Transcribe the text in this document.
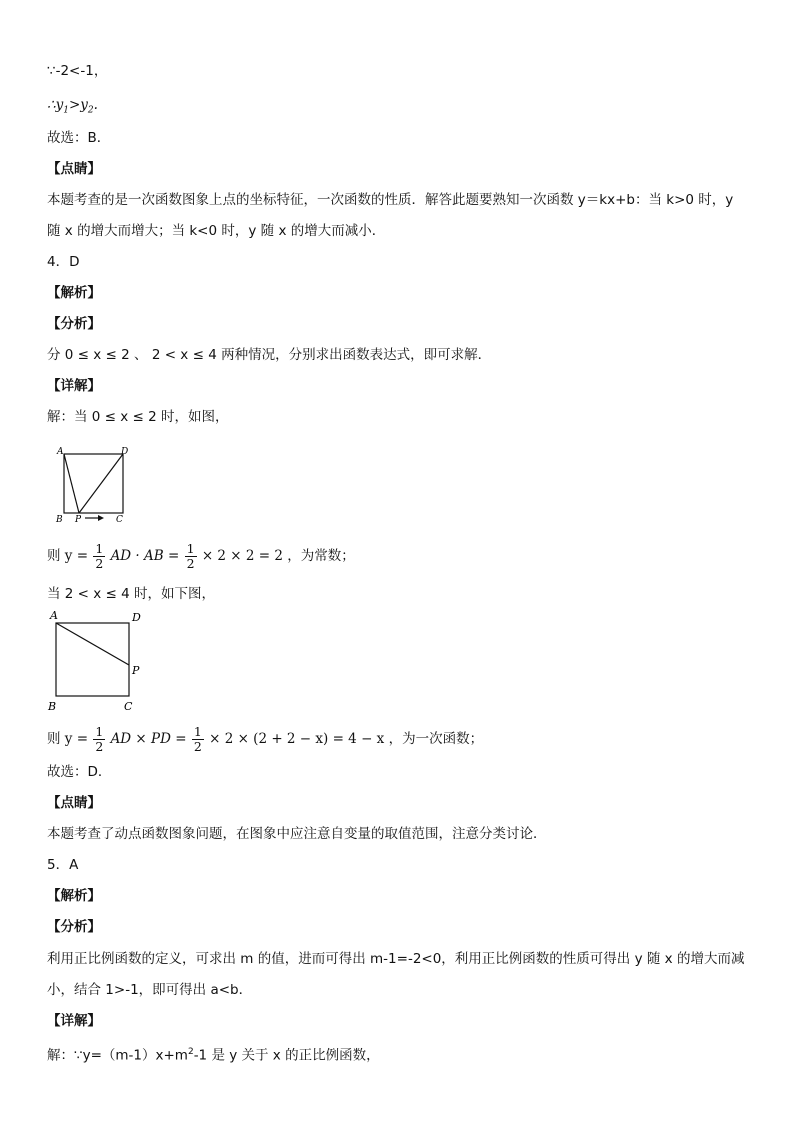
∵-2<-1，
$\therefore y_1>y_2$.
故选：B．
【点睛】
本题考查的是一次函数图象上点的坐标特征，一次函数的性质．解答此题要熟知一次函数 y＝kx+b：当 k>0 时，y
随 x 的增大而增大；当 k<0 时，y 随 x 的增大而减小．
4．D
【解析】
【分析】
分 0 ≤ x ≤ 2 、 2 < x ≤ 4 两种情况，分别求出函数表达式，即可求解．
【详解】
解：当 0 ≤ x ≤ 2 时，如图，
A	D
B P	C
则 $y = \frac{1}{2}$ AD · AB = $\frac{1}{2} \times 2 \times 2 = 2$ ，为常数；
当 2 < x ≤ 4 时，如下图，
A	D
P
B	C
则 $y = \frac{1}{2}$ AD × PD = $\frac{1}{2} \times 2 \times (2 + 2 - x) = 4 - x$ ，为一次函数；
故选：D．
【点睛】
本题考查了动点函数图象问题，在图象中应注意自变量的取值范围，注意分类讨论．
5．A
【解析】
【分析】
利用正比例函数的定义，可求出 m 的值，进而可得出 m-1=-2<0，利用正比例函数的性质可得出 y 随 x 的增大而减
小，结合 1>-1，即可得出 a<b．
【详解】
解：$\because y=(m-1)x+m^2-1$ 是 y 关于 x 的正比例函数，
